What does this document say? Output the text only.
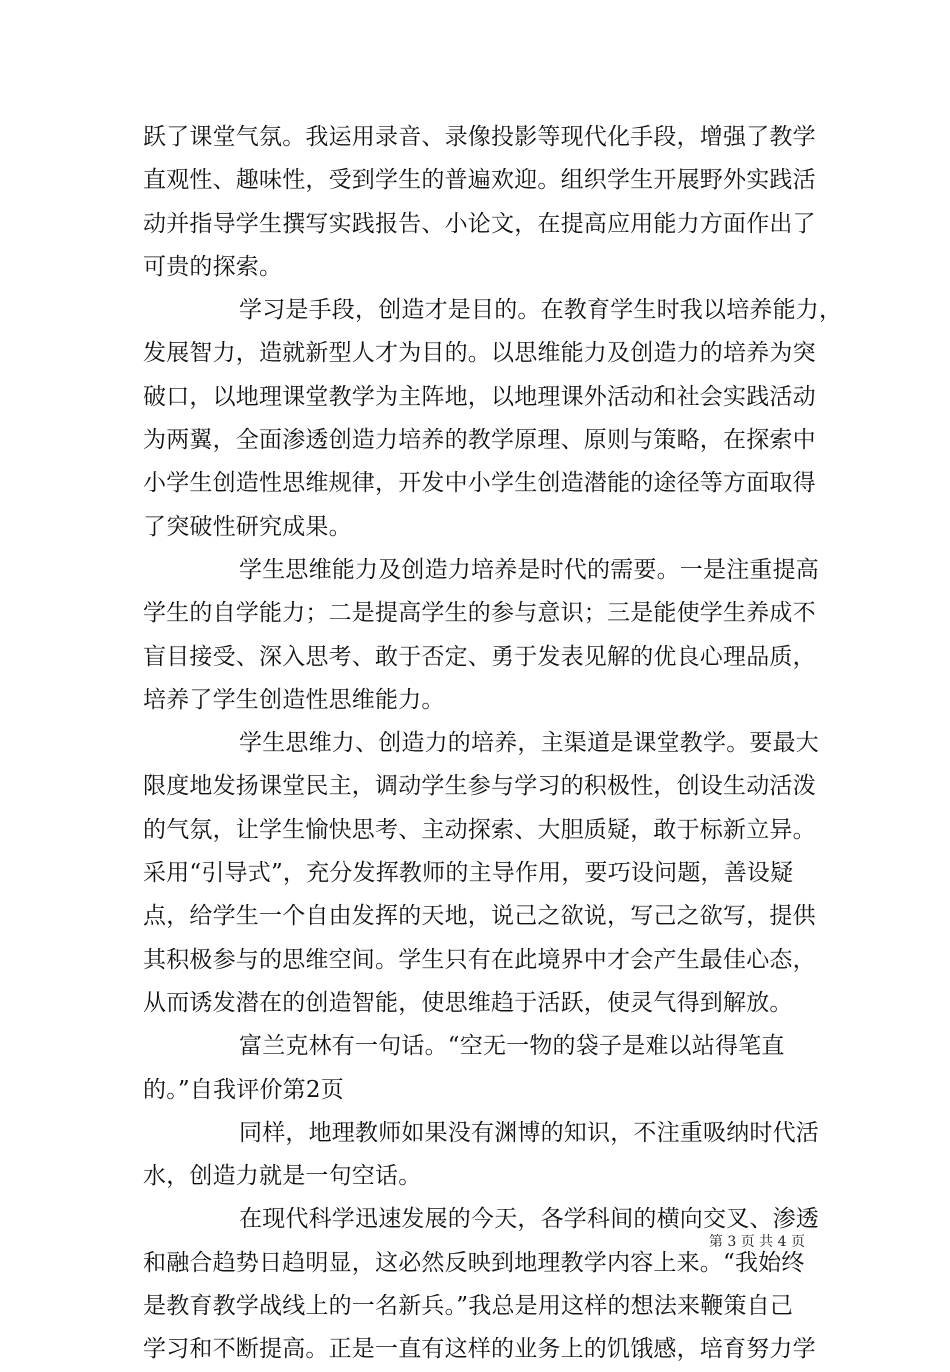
跃了课堂气氛。我运用录音、录像投影等现代化手段，增强了教学
直观性、趣味性，受到学生的普遍欢迎。组织学生开展野外实践活
动并指导学生撰写实践报告、小论文，在提高应用能力方面作出了
可贵的探索。
学习是手段，创造才是目的。在教育学生时我以培养能力，
发展智力，造就新型人才为目的。以思维能力及创造力的培养为突
破口，以地理课堂教学为主阵地，以地理课外活动和社会实践活动
为两翼，全面渗透创造力培养的教学原理、原则与策略，在探索中
小学生创造性思维规律，开发中小学生创造潜能的途径等方面取得
了突破性研究成果。
学生思维能力及创造力培养是时代的需要。一是注重提高
学生的自学能力；二是提高学生的参与意识；三是能使学生养成不
盲目接受、深入思考、敢于否定、勇于发表见解的优良心理品质，
培养了学生创造性思维能力。
学生思维力、创造力的培养，主渠道是课堂教学。要最大
限度地发扬课堂民主，调动学生参与学习的积极性，创设生动活泼
的气氛，让学生愉快思考、主动探索、大胆质疑，敢于标新立异。
采用“引导式”，充分发挥教师的主导作用，要巧设问题，善设疑
点，给学生一个自由发挥的天地，说己之欲说，写己之欲写，提供
其积极参与的思维空间。学生只有在此境界中才会产生最佳心态，
从而诱发潜在的创造智能，使思维趋于活跃，使灵气得到解放。
富兰克林有一句话。“空无一物的袋子是难以站得笔直
的。”自我评价第2页
同样，地理教师如果没有渊博的知识，不注重吸纳时代活
水，创造力就是一句空话。
在现代科学迅速发展的今天，各学科间的横向交叉、渗透
和融合趋势日趋明显，这必然反映到地理教学内容上来。“我始终
是教育教学战线上的一名新兵。”我总是用这样的想法来鞭策自己
学习和不断提高。正是一直有这样的业务上的饥饿感，培育努力学
第 3 页 共 4 页
